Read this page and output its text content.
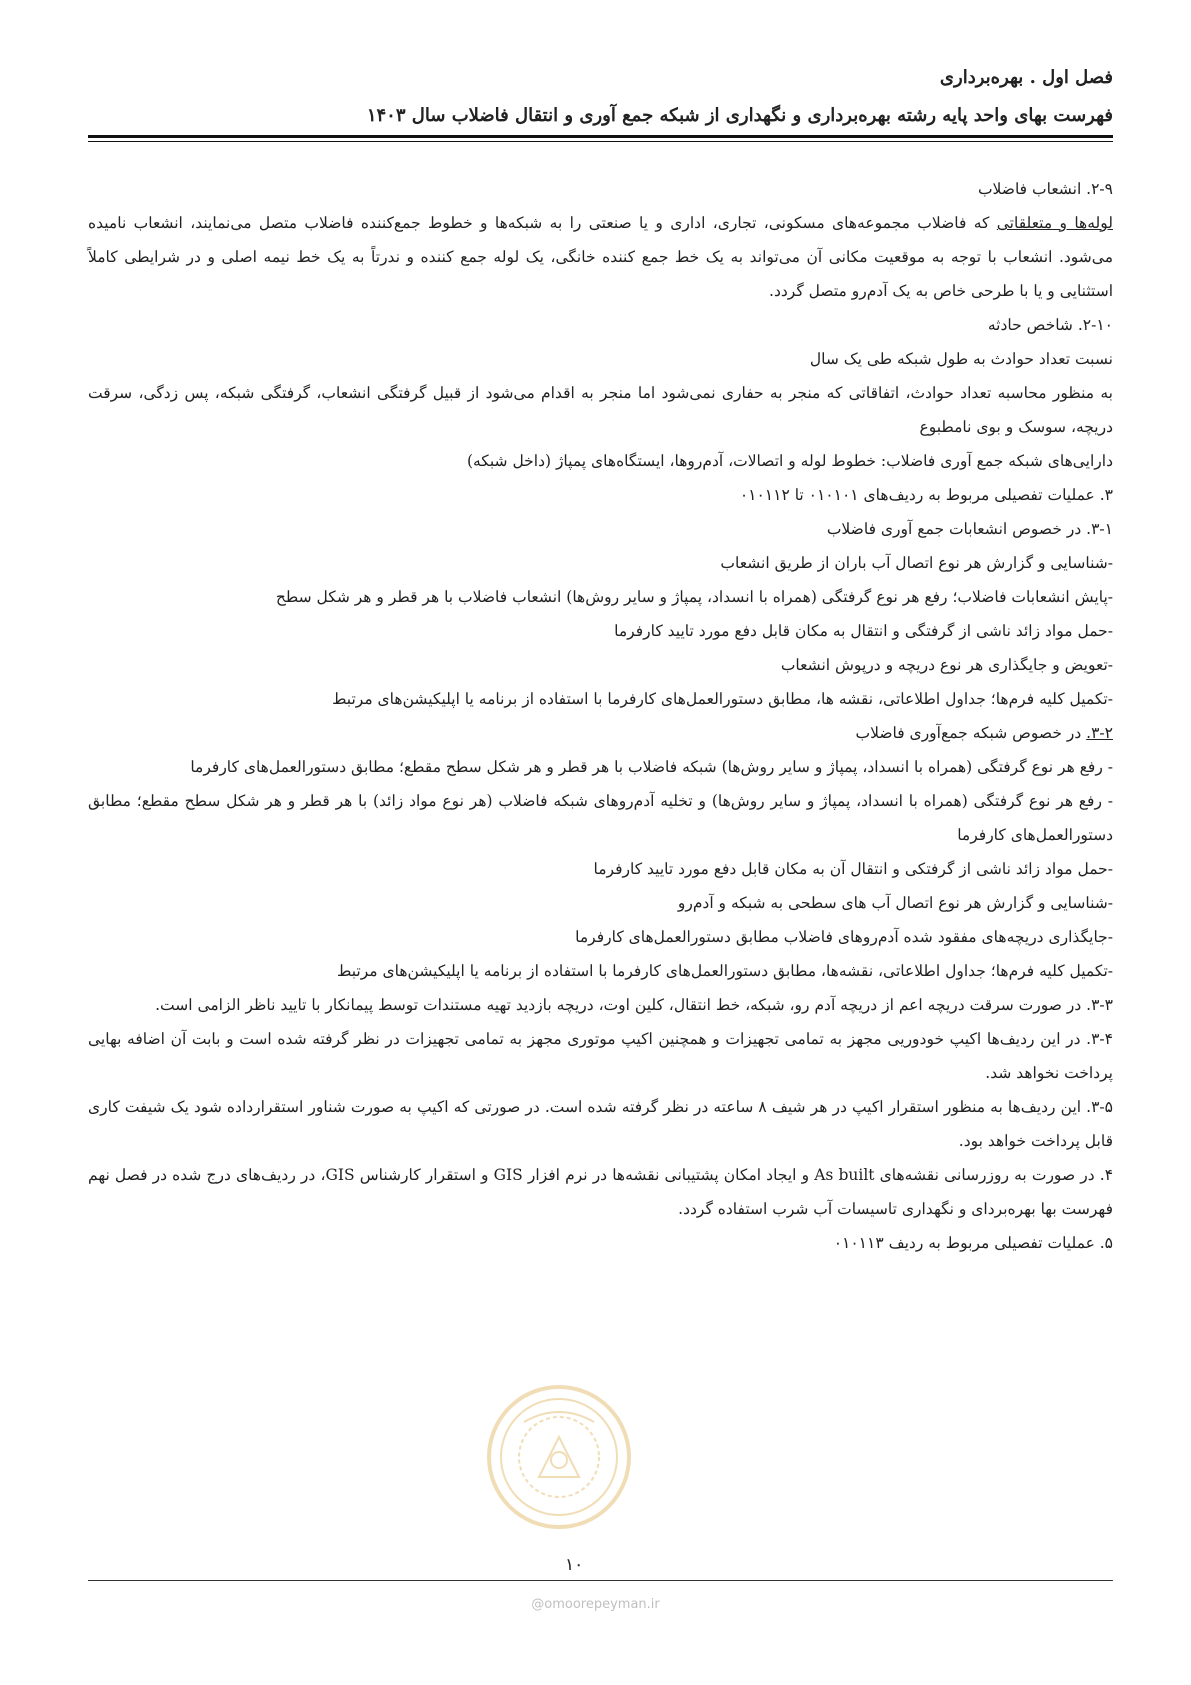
فصل اول . بهره‌برداری
فهرست بهای واحد پایه رشته بهره‌برداری و نگهداری از شبکه جمع آوری و انتقال فاضلاب سال ۱۴۰۳

۲-۹. انشعاب فاضلاب

لوله‌ها و متعلقاتی که فاضلاب مجموعه‌های مسکونی، تجاری، اداری و یا صنعتی را به شبکه‌ها و خطوط جمع‌کننده فاضلاب متصل می‌نمایند، انشعاب نامیده می‌شود. انشعاب با توجه به موقعیت مکانی آن می‌تواند به یک خط جمع کننده خانگی، یک لوله جمع کننده و ندرتاً به یک خط نیمه اصلی و در شرایطی کاملاً استثنایی و یا با طرحی خاص به یک آدم‌رو متصل گردد.

۲-۱۰. شاخص حادثه

نسبت تعداد حوادث به طول شبکه طی یک سال

به منظور محاسبه تعداد حوادث، اتفاقاتی که منجر به حفاری نمی‌شود اما منجر به اقدام می‌شود از قبیل گرفتگی انشعاب، گرفتگی شبکه، پس زدگی، سرقت دریچه، سوسک و بوی نامطبوع

دارایی‌های شبکه جمع آوری فاضلاب: خطوط لوله و اتصالات، آدم‌روها، ایستگاه‌های پمپاژ (داخل شبکه)

۳. عملیات تفصیلی مربوط به ردیف‌های ۰۱۰۱۰۱ تا ۰۱۰۱۱۲

۳-۱. در خصوص انشعابات جمع آوری فاضلاب

-شناسایی و گزارش هر نوع اتصال آب باران از طریق انشعاب

-پایش انشعابات فاضلاب؛ رفع هر نوع گرفتگی (همراه با انسداد، پمپاژ و سایر روش‌ها) انشعاب فاضلاب با هر قطر و هر شکل سطح

-حمل مواد زائد ناشی از گرفتگی و انتقال به مکان قابل دفع مورد تایید کارفرما

-تعویض و جایگذاری هر نوع دریچه و درپوش انشعاب

-تکمیل کلیه فرم‌ها؛ جداول اطلاعاتی، نقشه ها، مطابق دستورالعمل‌های کارفرما با استفاده از برنامه یا اپلیکیشن‌های مرتبط

۳-۲. در خصوص شبکه جمع‌آوری فاضلاب

- رفع هر نوع گرفتگی (همراه با انسداد، پمپاژ و سایر روش‌ها) شبکه فاضلاب با هر قطر و هر شکل سطح مقطع؛ مطابق دستورالعمل‌های کارفرما

- رفع هر نوع گرفتگی (همراه با انسداد، پمپاژ و سایر روش‌ها) و تخلیه آدم‌روهای شبکه فاضلاب (هر نوع مواد زائد) با هر قطر و هر شکل سطح مقطع؛ مطابق دستورالعمل‌های کارفرما

-حمل مواد زائد ناشی از گرفتکی و انتقال آن به مکان قابل دفع مورد تایید کارفرما

-شناسایی و گزارش هر نوع اتصال آب های سطحی به شبکه و آدم‌رو

-جایگذاری دریچه‌های مفقود شده آدم‌روهای فاضلاب مطابق دستورالعمل‌های کارفرما

-تکمیل کلیه فرم‌ها؛ جداول اطلاعاتی، نقشه‌ها، مطابق دستورالعمل‌های کارفرما با استفاده از برنامه یا اپلیکیشن‌های مرتبط

۳-۳. در صورت سرقت دریچه اعم از دریچه آدم رو، شبکه، خط انتقال، کلین اوت، دریچه بازدید تهیه مستندات توسط پیمانکار با تایید ناظر الزامی است.

۳-۴. در این ردیف‌ها اکیپ خودوریی مجهز به تمامی تجهیزات و همچنین اکیپ موتوری مجهز به تمامی تجهیزات در نظر گرفته شده است و بابت آن اضافه بهایی پرداخت نخواهد شد.

۳-۵. این ردیف‌ها به منظور استقرار اکیپ در هر شیف ۸ ساعته در نظر گرفته شده است. در صورتی که اکیپ به صورت شناور استقرارداده شود یک شیفت کاری قابل پرداخت خواهد بود.

۴. در صورت به روزرسانی نقشه‌های As built و ایجاد امکان پشتیبانی نقشه‌ها در نرم افزار GIS و استقرار کارشناس GIS، در ردیف‌های درج شده در فصل نهم فهرست بها بهره‌بردای و نگهداری تاسیسات آب شرب استفاده گردد.

۵. عملیات تفصیلی مربوط به ردیف ۰۱۰۱۱۳

۱۰
@omoorepeyman.ir
